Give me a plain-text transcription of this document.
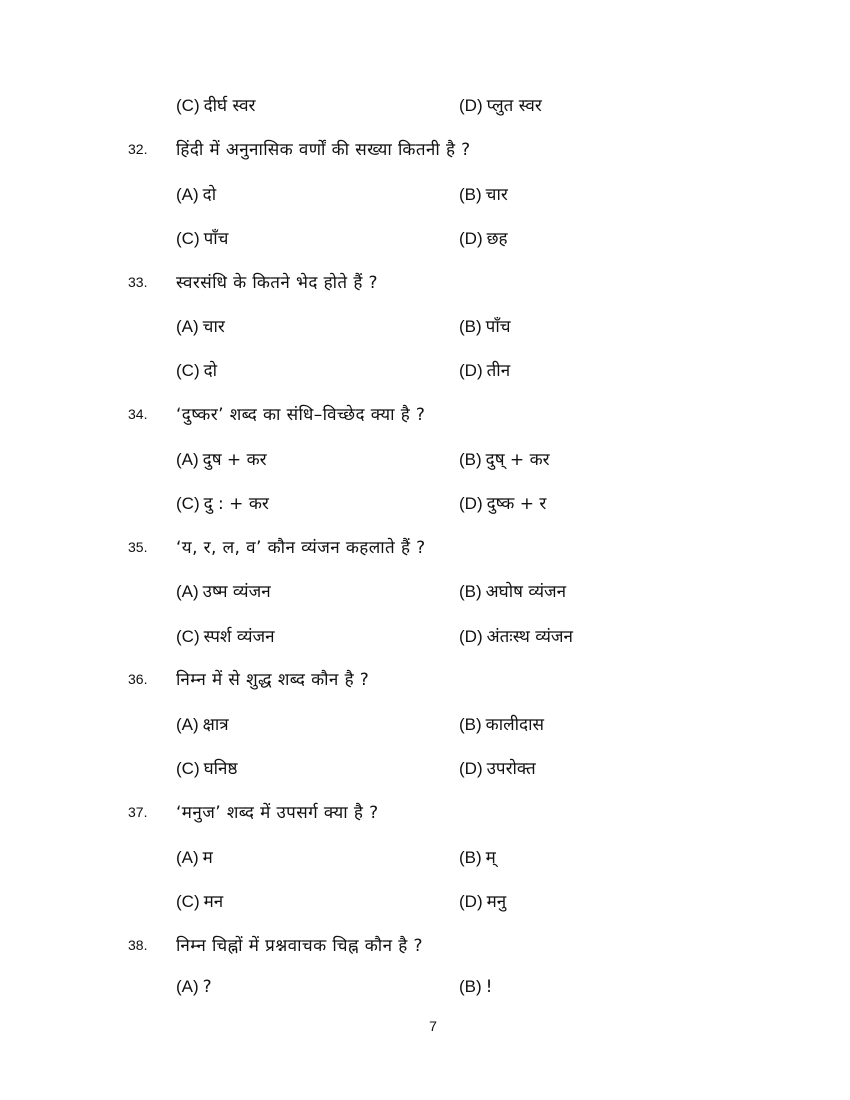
(C) दीर्घ स्वर	(D) प्लुत स्वर
32. हिंदी में अनुनासिक वर्णों की सख्या कितनी है ?
(A) दो	(B) चार
(C) पाँच	(D) छह
33. स्वरसंधि के कितने भेद होते हैं ?
(A) चार	(B) पाँच
(C) दो	(D) तीन
34. ‘दुष्कर’ शब्द का संधि–विच्छेद क्या है ?
(A) दुष + कर	(B) दुष् + कर
(C) दु : + कर	(D) दुष्क + र
35. ‘य, र, ल, व’ कौन व्यंजन कहलाते हैं ?
(A) उष्म व्यंजन	(B) अघोष व्यंजन
(C) स्पर्श व्यंजन	(D) अंतःस्थ व्यंजन
36. निम्न में से शुद्ध शब्द कौन है ?
(A) क्षात्र	(B) कालीदास
(C) घनिष्ठ	(D) उपरोक्त
37. ‘मनुज’ शब्द में उपसर्ग क्या है ?
(A) म	(B) म्
(C) मन	(D) मनु
38. निम्न चिह्नों में प्रश्नवाचक चिह्न कौन है ?
(A) ?	(B) !
7
